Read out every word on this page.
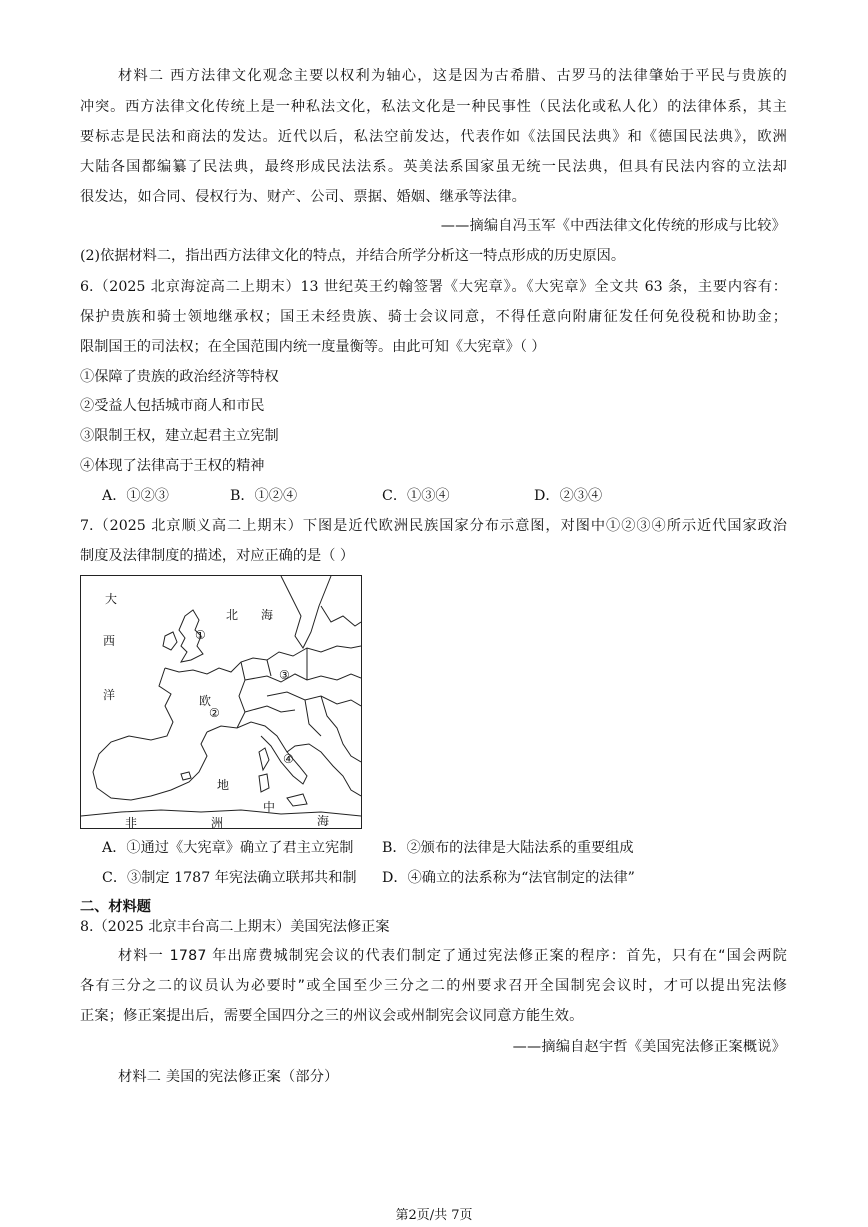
材料二 西方法律文化观念主要以权利为轴心，这是因为古希腊、古罗马的法律肇始于平民与贵族的
冲突。西方法律文化传统上是一种私法文化，私法文化是一种民事性（民法化或私人化）的法律体系，其主
要标志是民法和商法的发达。近代以后，私法空前发达，代表作如《法国民法典》和《德国民法典》，欧洲
大陆各国都编纂了民法典，最终形成民法法系。英美法系国家虽无统一民法典，但具有民法内容的立法却
很发达，如合同、侵权行为、财产、公司、票据、婚姻、继承等法律。
——摘编自冯玉军《中西法律文化传统的形成与比较》
(2)依据材料二，指出西方法律文化的特点，并结合所学分析这一特点形成的历史原因。
6.（2025 北京海淀高二上期末）13 世纪英王约翰签署《大宪章》。《大宪章》全文共 63 条，主要内容有：
保护贵族和骑士领地继承权；国王未经贵族、骑士会议同意，不得任意向附庸征发任何免役税和协助金；
限制国王的司法权；在全国范围内统一度量衡等。由此可知《大宪章》（ ）
①保障了贵族的政治经济等特权
②受益人包括城市商人和市民
③限制王权，建立起君主立宪制
④体现了法律高于王权的精神
A．①②③	B．①②④	C．①③④	D．②③④
7.（2025 北京顺义高二上期末）下图是近代欧洲民族国家分布示意图，对图中①②③④所示近代国家政治
制度及法律制度的描述，对应正确的是（ ）
大
西
洋
北 海
①
欧
②
③
④
地
中
非	洲	海
A．①通过《大宪章》确立了君主立宪制 B．②颁布的法律是大陆法系的重要组成
C．③制定 1787 年宪法确立联邦共和制 D．④确立的法系称为“法官制定的法律”
二、材料题
8.（2025 北京丰台高二上期末）美国宪法修正案
材料一 1787 年出席费城制宪会议的代表们制定了通过宪法修正案的程序：首先，只有在“国会两院
各有三分之二的议员认为必要时”或全国至少三分之二的州要求召开全国制宪会议时，才可以提出宪法修
正案；修正案提出后，需要全国四分之三的州议会或州制宪会议同意方能生效。
——摘编自赵宇哲《美国宪法修正案概说》
材料二 美国的宪法修正案（部分）
第2页/共 7页
